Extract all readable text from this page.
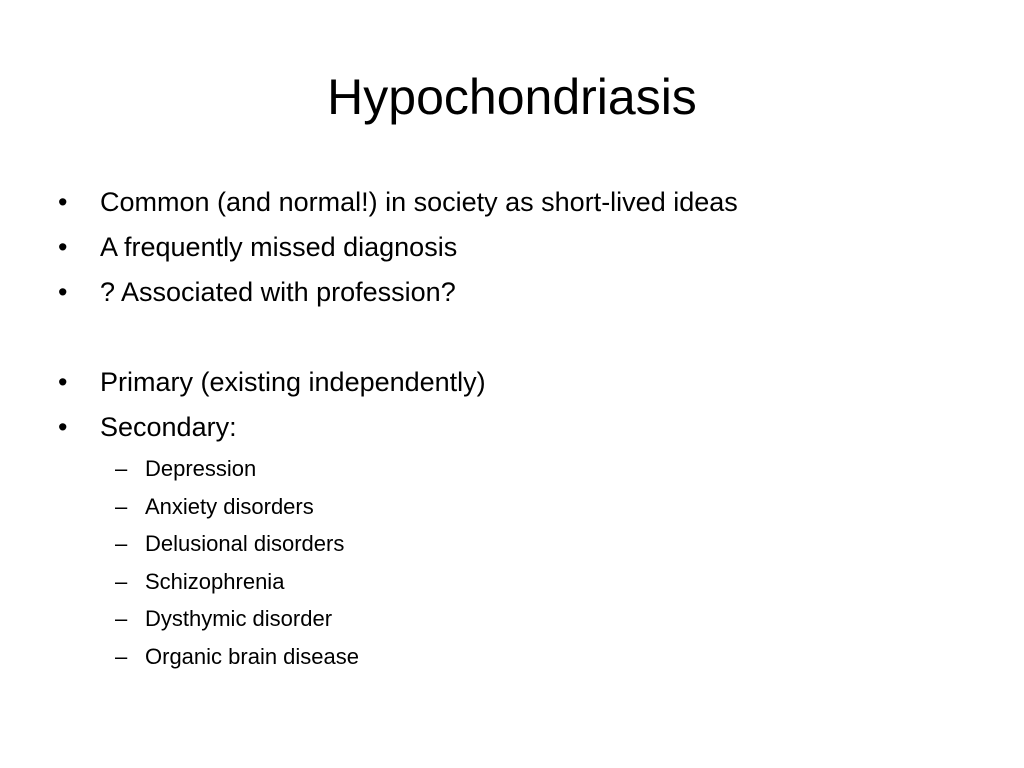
Hypochondriasis
•	Common (and normal!) in society as short-lived ideas
•	A frequently missed diagnosis
•	? Associated with profession?
•	Primary (existing independently)
•	Secondary:
– Depression
– Anxiety disorders
– Delusional disorders
– Schizophrenia
– Dysthymic disorder
– Organic brain disease
